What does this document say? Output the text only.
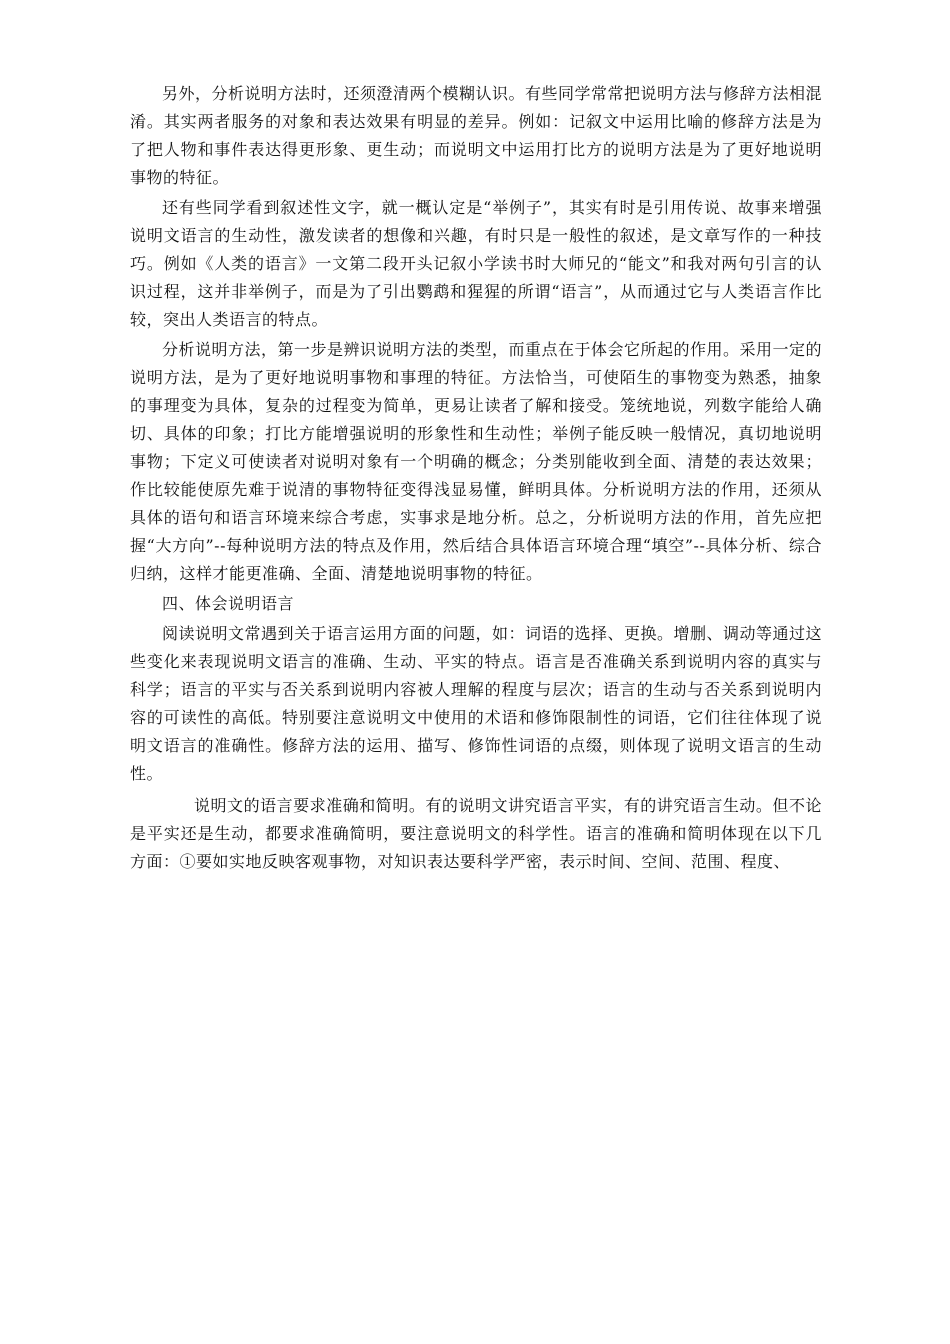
另外，分析说明方法时，还须澄清两个模糊认识。有些同学常常把说明方法与修辞方法相混淆。其实两者服务的对象和表达效果有明显的差异。例如：记叙文中运用比喻的修辞方法是为了把人物和事件表达得更形象、更生动；而说明文中运用打比方的说明方法是为了更好地说明事物的特征。

还有些同学看到叙述性文字，就一概认定是“举例子”，其实有时是引用传说、故事来增强说明文语言的生动性，激发读者的想像和兴趣，有时只是一般性的叙述，是文章写作的一种技巧。例如《人类的语言》一文第二段开头记叙小学读书时大师兄的“能文”和我对两句引言的认识过程，这并非举例子，而是为了引出鹦鹉和猩猩的所谓“语言”，从而通过它与人类语言作比较，突出人类语言的特点。

分析说明方法，第一步是辨识说明方法的类型，而重点在于体会它所起的作用。采用一定的说明方法，是为了更好地说明事物和事理的特征。方法恰当，可使陌生的事物变为熟悉，抽象的事理变为具体，复杂的过程变为简单，更易让读者了解和接受。笼统地说，列数字能给人确切、具体的印象；打比方能增强说明的形象性和生动性；举例子能反映一般情况，真切地说明事物；下定义可使读者对说明对象有一个明确的概念；分类别能收到全面、清楚的表达效果；作比较能使原先难于说清的事物特征变得浅显易懂，鲜明具体。分析说明方法的作用，还须从具体的语句和语言环境来综合考虑，实事求是地分析。总之，分析说明方法的作用，首先应把握“大方向”--每种说明方法的特点及作用，然后结合具体语言环境合理“填空”--具体分析、综合归纳，这样才能更准确、全面、清楚地说明事物的特征。

四、体会说明语言

阅读说明文常遇到关于语言运用方面的问题，如：词语的选择、更换。增删、调动等通过这些变化来表现说明文语言的准确、生动、平实的特点。语言是否准确关系到说明内容的真实与科学；语言的平实与否关系到说明内容被人理解的程度与层次；语言的生动与否关系到说明内容的可读性的高低。特别要注意说明文中使用的术语和修饰限制性的词语，它们往往体现了说明文语言的准确性。修辞方法的运用、描写、修饰性词语的点缀，则体现了说明文语言的生动性。

说明文的语言要求准确和简明。有的说明文讲究语言平实，有的讲究语言生动。但不论是平实还是生动，都要求准确简明，要注意说明文的科学性。语言的准确和简明体现在以下几方面：①要如实地反映客观事物，对知识表达要科学严密，表示时间、空间、范围、程度、
